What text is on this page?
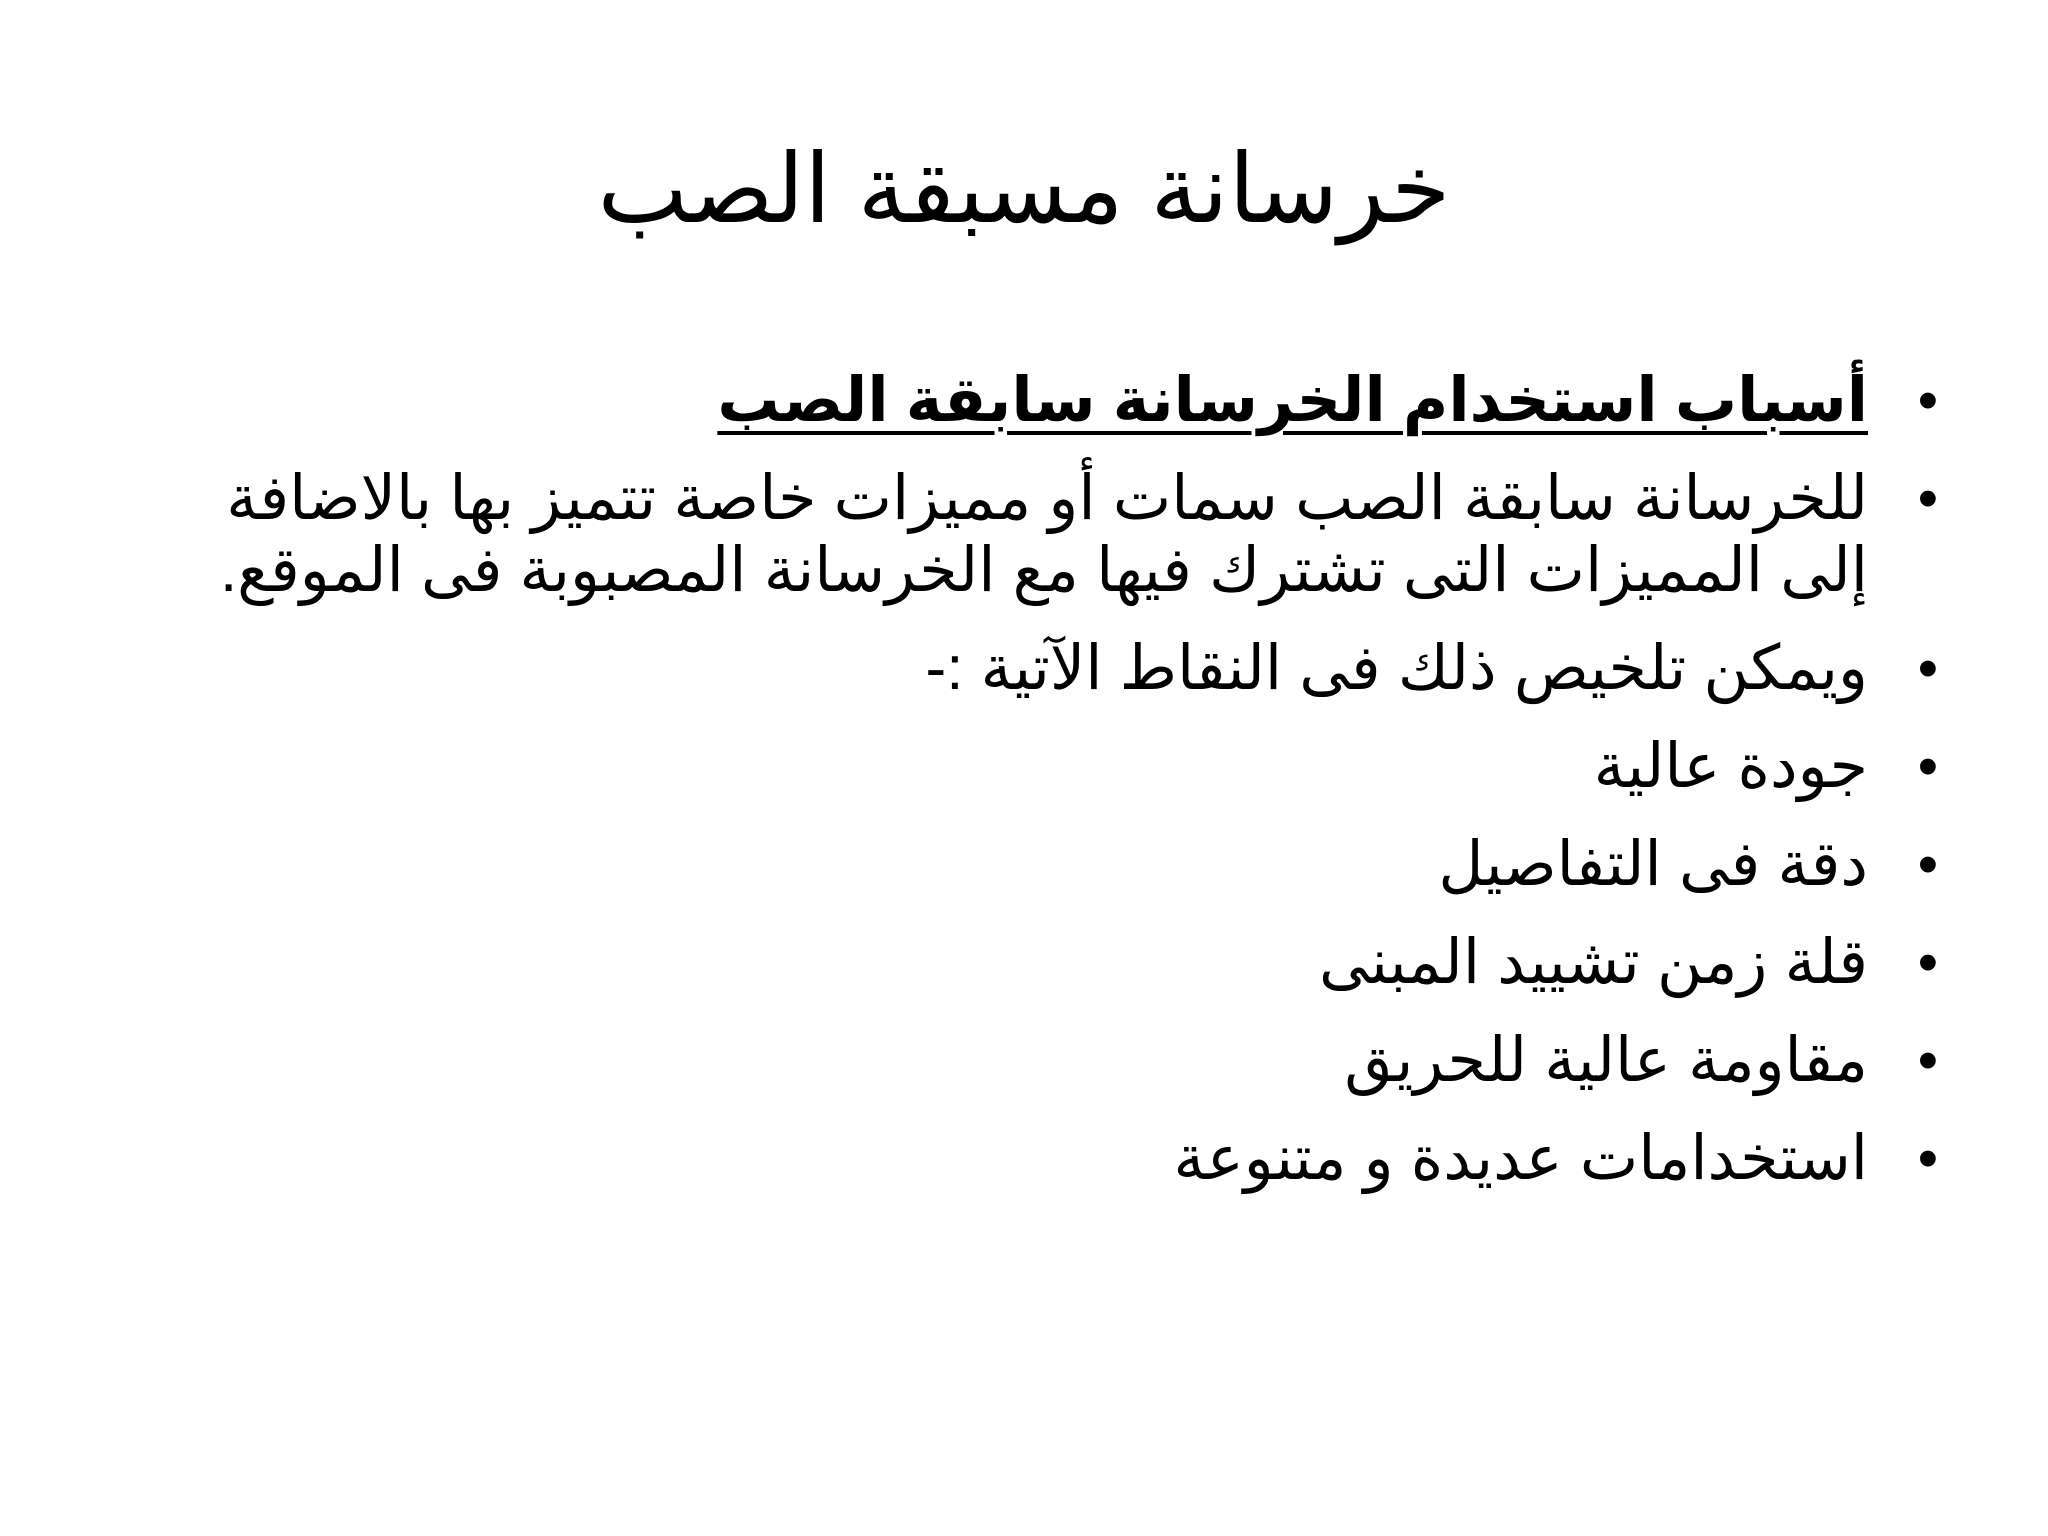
خرسانة مسبقة الصب
•
أسباب استخدام الخرسانة سابقة الصب
•
للخرسانة سابقة الصب سمات أو مميزات خاصة تتميز بها بالاضافة إلى المميزات التى تشترك فيها مع الخرسانة المصبوبة فى الموقع.
•
ويمكن تلخيص ذلك فى النقاط الآتية :-
•
جودة عالية
•
دقة فى التفاصيل
•
قلة زمن تشييد المبنى
•
مقاومة عالية للحريق
•
استخدامات عديدة و متنوعة
